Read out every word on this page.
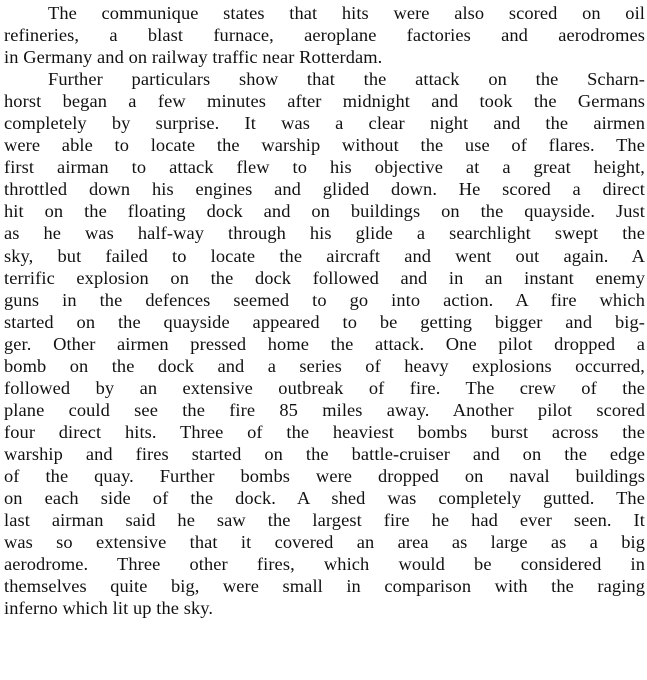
The communique states that hits were also scored on oil
refineries, a blast furnace, aeroplane factories and aerodromes
in Germany and on railway traffic near Rotterdam.
Further particulars show that the attack on the Scharn-
horst began a few minutes after midnight and took the Germans
completely by surprise. It was a clear night and the airmen
were able to locate the warship without the use of flares. The
first airman to attack flew to his objective at a great height,
throttled down his engines and glided down. He scored a direct
hit on the floating dock and on buildings on the quayside. Just
as he was half-way through his glide a searchlight swept the
sky, but failed to locate the aircraft and went out again. A
terrific explosion on the dock followed and in an instant enemy
guns in the defences seemed to go into action. A fire which
started on the quayside appeared to be getting bigger and big-
ger. Other airmen pressed home the attack. One pilot dropped a
bomb on the dock and a series of heavy explosions occurred,
followed by an extensive outbreak of fire. The crew of the
plane could see the fire 85 miles away. Another pilot scored
four direct hits. Three of the heaviest bombs burst across the
warship and fires started on the battle-cruiser and on the edge
of the quay. Further bombs were dropped on naval buildings
on each side of the dock. A shed was completely gutted. The
last airman said he saw the largest fire he had ever seen. It
was so extensive that it covered an area as large as a big
aerodrome. Three other fires, which would be considered in
themselves quite big, were small in comparison with the raging
inferno which lit up the sky.
